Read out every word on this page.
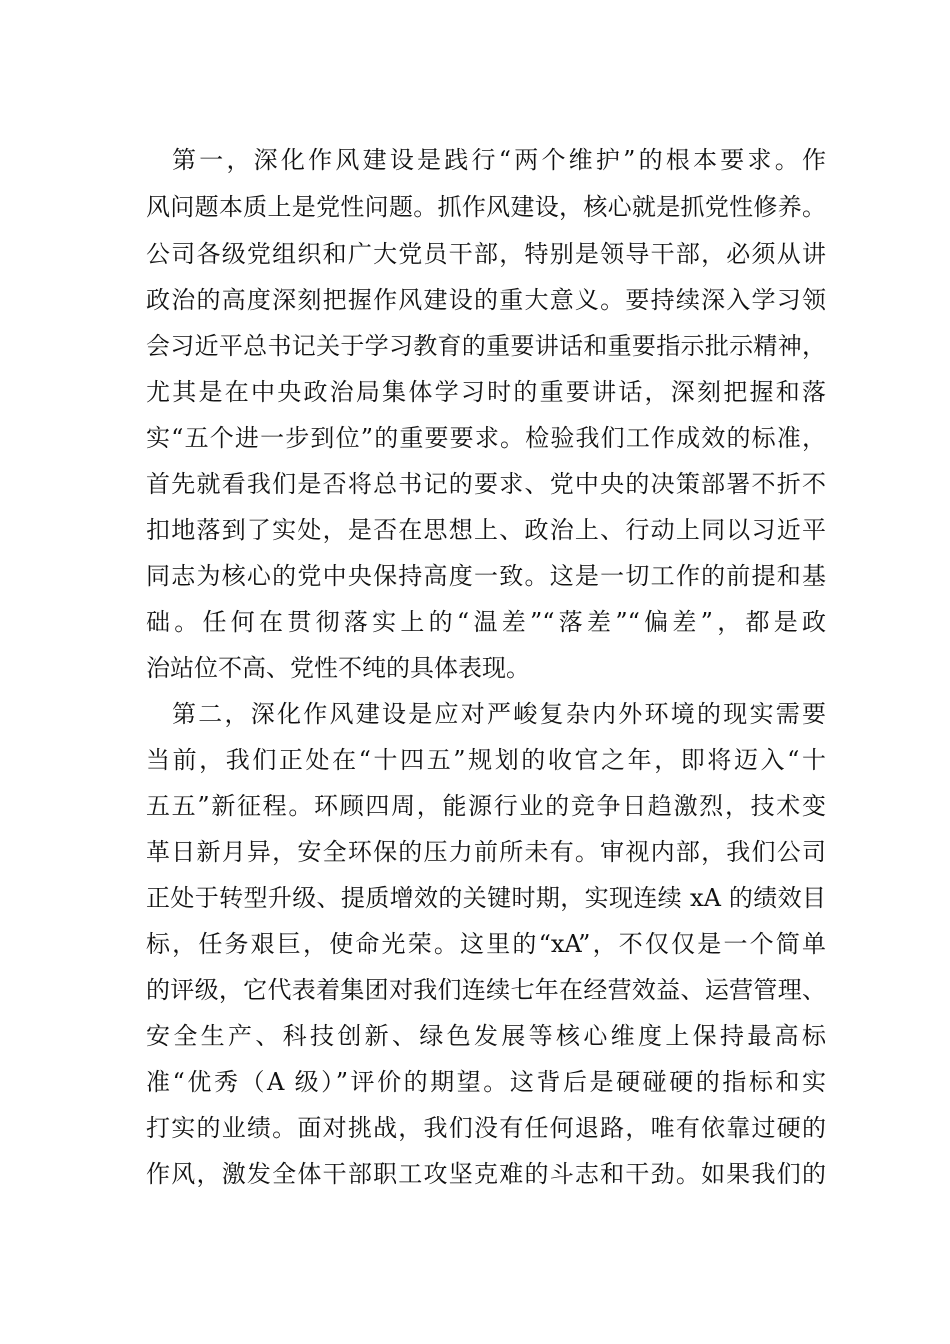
第一，深化作风建设是践行“两个维护”的根本要求。作
风问题本质上是党性问题。抓作风建设，核心就是抓党性修养。
公司各级党组织和广大党员干部，特别是领导干部，必须从讲
政治的高度深刻把握作风建设的重大意义。要持续深入学习领
会习近平总书记关于学习教育的重要讲话和重要指示批示精神，
尤其是在中央政治局集体学习时的重要讲话，深刻把握和落
实“五个进一步到位”的重要要求。检验我们工作成效的标准，
首先就看我们是否将总书记的要求、党中央的决策部署不折不
扣地落到了实处，是否在思想上、政治上、行动上同以习近平
同志为核心的党中央保持高度一致。这是一切工作的前提和基
础。任何在贯彻落实上的“温差”“落差”“偏差”，都是政
治站位不高、党性不纯的具体表现。
第二，深化作风建设是应对严峻复杂内外环境的现实需要
当前，我们正处在“十四五”规划的收官之年，即将迈入“十
五五”新征程。环顾四周，能源行业的竞争日趋激烈，技术变
革日新月异，安全环保的压力前所未有。审视内部，我们公司
正处于转型升级、提质增效的关键时期，实现连续 xA 的绩效目
标，任务艰巨，使命光荣。这里的“xA”，不仅仅是一个简单
的评级，它代表着集团对我们连续七年在经营效益、运营管理、
安全生产、科技创新、绿色发展等核心维度上保持最高标
准“优秀（A 级）”评价的期望。这背后是硬碰硬的指标和实
打实的业绩。面对挑战，我们没有任何退路，唯有依靠过硬的
作风，激发全体干部职工攻坚克难的斗志和干劲。如果我们的
